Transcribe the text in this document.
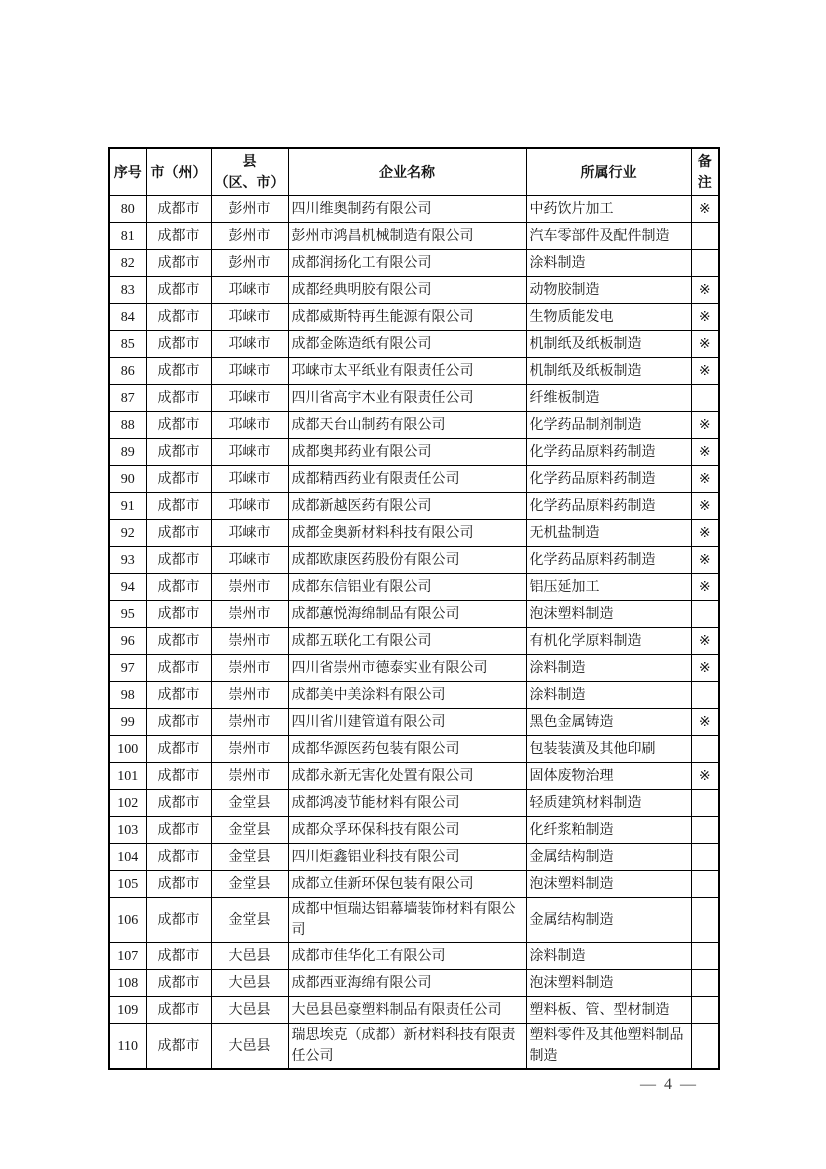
序号	市（州）	县
（区、市）	企业名称	所属行业	备注
80	成都市	彭州市	四川维奥制药有限公司	中药饮片加工	※
81	成都市	彭州市	彭州市鸿昌机械制造有限公司	汽车零部件及配件制造	
82	成都市	彭州市	成都润扬化工有限公司	涂料制造	
83	成都市	邛崃市	成都经典明胶有限公司	动物胶制造	※
84	成都市	邛崃市	成都威斯特再生能源有限公司	生物质能发电	※
85	成都市	邛崃市	成都金陈造纸有限公司	机制纸及纸板制造	※
86	成都市	邛崃市	邛崃市太平纸业有限责任公司	机制纸及纸板制造	※
87	成都市	邛崃市	四川省高宇木业有限责任公司	纤维板制造	
88	成都市	邛崃市	成都天台山制药有限公司	化学药品制剂制造	※
89	成都市	邛崃市	成都奥邦药业有限公司	化学药品原料药制造	※
90	成都市	邛崃市	成都精西药业有限责任公司	化学药品原料药制造	※
91	成都市	邛崃市	成都新越医药有限公司	化学药品原料药制造	※
92	成都市	邛崃市	成都金奥新材料科技有限公司	无机盐制造	※
93	成都市	邛崃市	成都欧康医药股份有限公司	化学药品原料药制造	※
94	成都市	崇州市	成都东信铝业有限公司	铝压延加工	※
95	成都市	崇州市	成都蕙悦海绵制品有限公司	泡沫塑料制造	
96	成都市	崇州市	成都五联化工有限公司	有机化学原料制造	※
97	成都市	崇州市	四川省崇州市德泰实业有限公司	涂料制造	※
98	成都市	崇州市	成都美中美涂料有限公司	涂料制造	
99	成都市	崇州市	四川省川建管道有限公司	黑色金属铸造	※
100	成都市	崇州市	成都华源医药包装有限公司	包装装潢及其他印刷	
101	成都市	崇州市	成都永新无害化处置有限公司	固体废物治理	※
102	成都市	金堂县	成都鸿凌节能材料有限公司	轻质建筑材料制造	
103	成都市	金堂县	成都众孚环保科技有限公司	化纤浆粕制造	
104	成都市	金堂县	四川炬鑫铝业科技有限公司	金属结构制造	
105	成都市	金堂县	成都立佳新环保包装有限公司	泡沫塑料制造	
106	成都市	金堂县	成都中恒瑞达铝幕墙装饰材料有限公司	金属结构制造	
107	成都市	大邑县	成都市佳华化工有限公司	涂料制造	
108	成都市	大邑县	成都西亚海绵有限公司	泡沫塑料制造	
109	成都市	大邑县	大邑县邑豪塑料制品有限责任公司	塑料板、管、型材制造	
110	成都市	大邑县	瑞思埃克（成都）新材料科技有限责任公司	塑料零件及其他塑料制品制造	
— 4 —
